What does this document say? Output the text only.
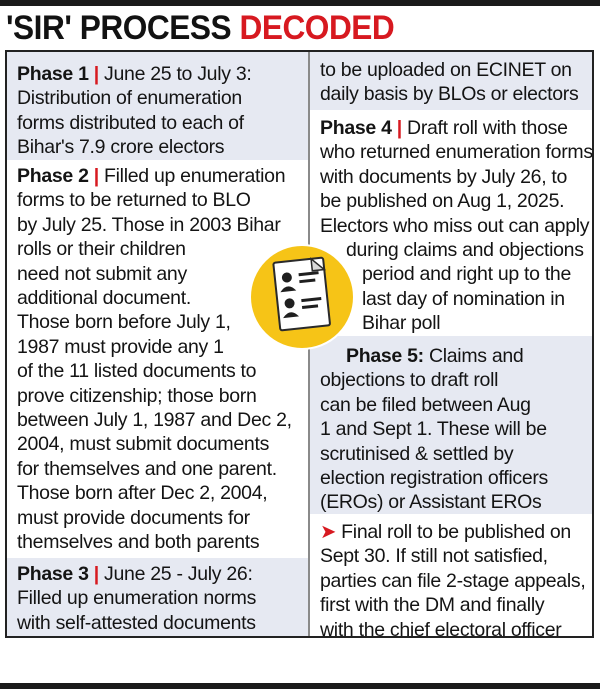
'SIR' PROCESS DECODED
Phase 1 | June 25 to July 3:
Distribution of enumeration
forms distributed to each of
Bihar's 7.9 crore electors
Phase 2 | Filled up enumeration
forms to be returned to BLO
by July 25. Those in 2003 Bihar
rolls or their children
need not submit any
additional document.
Those born before July 1,
1987 must provide any 1
of the 11 listed documents to
prove citizenship; those born
between July 1, 1987 and Dec 2,
2004, must submit documents
for themselves and one parent.
Those born after Dec 2, 2004,
must provide documents for
themselves and both parents
Phase 3 | June 25 - July 26:
Filled up enumeration norms
with self-attested documents
to be uploaded on ECINET on
daily basis by BLOs or electors
Phase 4 | Draft roll with those
who returned enumeration forms
with documents by July 26, to
be published on Aug 1, 2025.
Electors who miss out can apply
during claims and objections
period and right up to the
last day of nomination in
Bihar poll
Phase 5: Claims and
objections to draft roll
can be filed between Aug
1 and Sept 1. These will be
scrutinised & settled by
election registration officers
(EROs) or Assistant EROs
➤ Final roll to be published on
Sept 30. If still not satisfied,
parties can file 2-stage appeals,
first with the DM and finally
with the chief electoral officer
